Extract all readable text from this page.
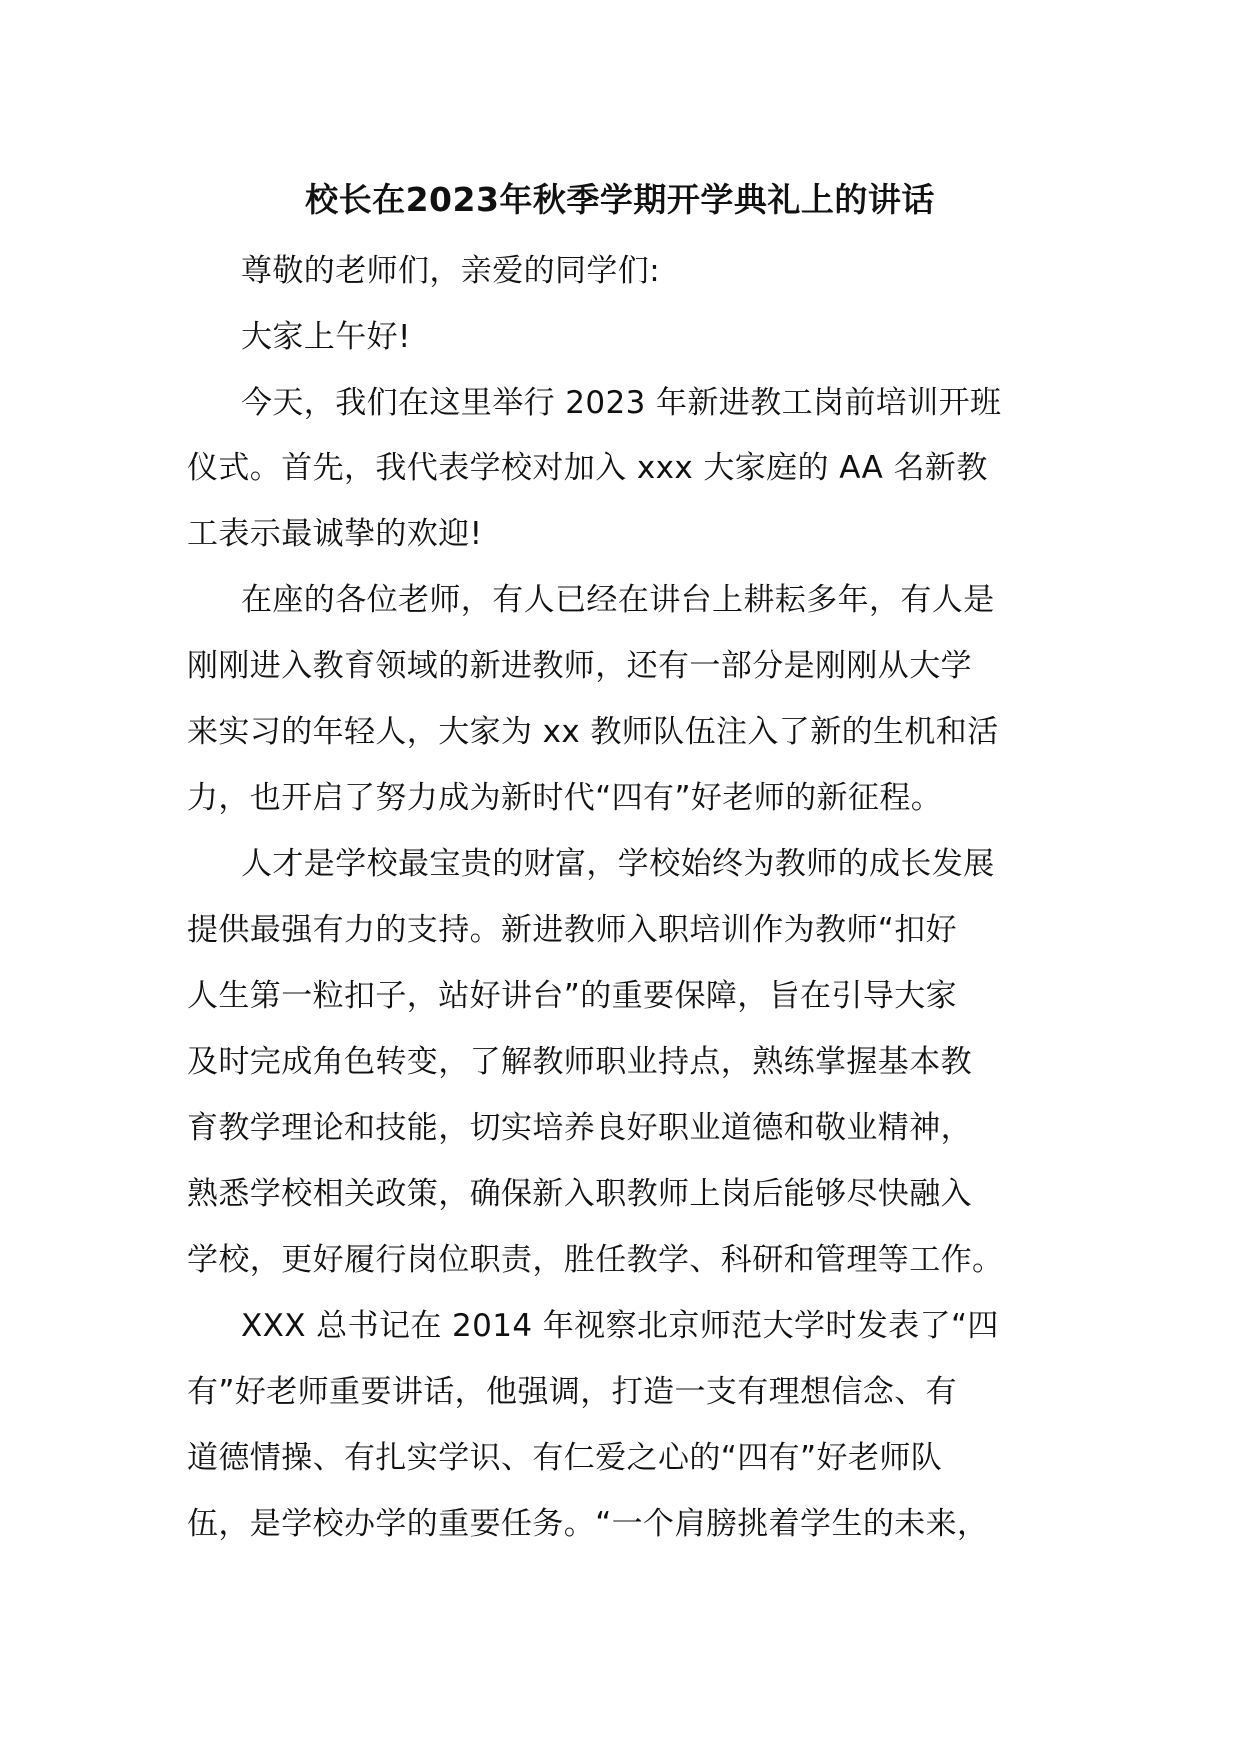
校长在2023年秋季学期开学典礼上的讲话
尊敬的老师们，亲爱的同学们:
大家上午好!
今天，我们在这里举行 2023 年新进教工岗前培训开班
仪式。首先，我代表学校对加入 xxx 大家庭的 AA 名新教
工表示最诚挚的欢迎!
在座的各位老师，有人已经在讲台上耕耘多年，有人是
刚刚进入教育领域的新进教师，还有一部分是刚刚从大学
来实习的年轻人，大家为 xx 教师队伍注入了新的生机和活
力，也开启了努力成为新时代“四有”好老师的新征程。
人才是学校最宝贵的财富，学校始终为教师的成长发展
提供最强有力的支持。新进教师入职培训作为教师“扣好
人生第一粒扣子，站好讲台”的重要保障，旨在引导大家
及时完成角色转变，了解教师职业持点，熟练掌握基本教
育教学理论和技能，切实培养良好职业道德和敬业精神，
熟悉学校相关政策，确保新入职教师上岗后能够尽快融入
学校，更好履行岗位职责，胜任教学、科研和管理等工作。
XXX 总书记在 2014 年视察北京师范大学时发表了“四
有”好老师重要讲话，他强调，打造一支有理想信念、有
道德情操、有扎实学识、有仁爱之心的“四有”好老师队
伍，是学校办学的重要任务。“一个肩膀挑着学生的未来，
